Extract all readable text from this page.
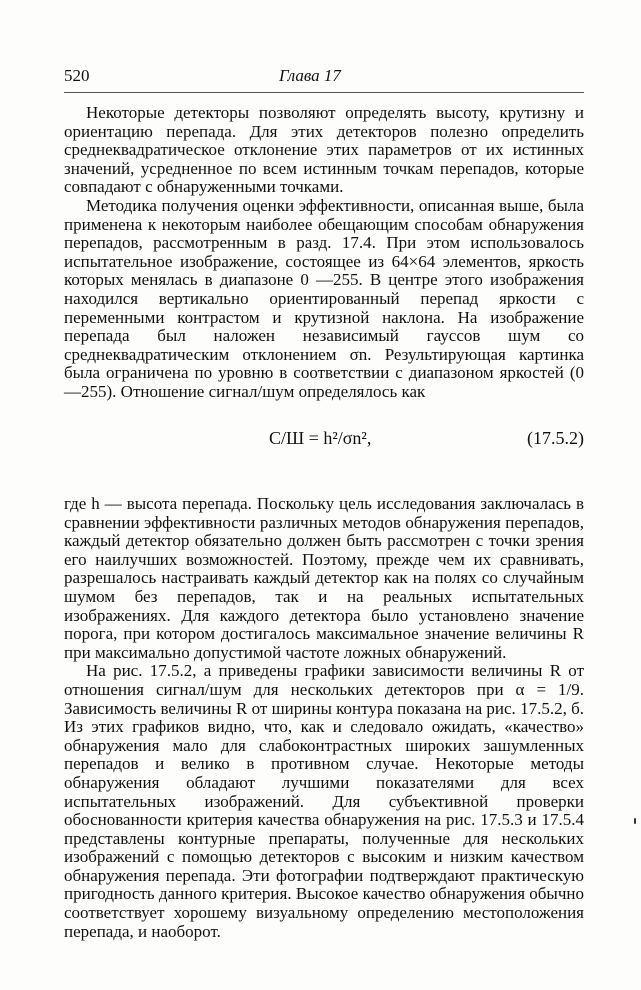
520	Глава 17

Некоторые детекторы позволяют определять высоту, крутизну и ориентацию перепада. Для этих детекторов полезно определить среднеквадратическое отклонение этих параметров от их истинных значений, усредненное по всем истинным точкам перепадов, которые совпадают с обнаруженными точками.

Методика получения оценки эффективности, описанная выше, была применена к некоторым наиболее обещающим способам обнаружения перепадов, рассмотренным в разд. 17.4. При этом использовалось испытательное изображение, состоящее из 64×64 элементов, яркость которых менялась в диапазоне 0 —255. В центре этого изображения находился вертикально ориентированный перепад яркости с переменными контрастом и крутизной наклона. На изображение перепада был наложен независимый гауссов шум со среднеквадратическим отклонением σn. Результирующая картинка была ограничена по уровню в соответствии с диапазоном яркостей (0 —255). Отношение сигнал/шум определялось как

С/Ш = h²/σn²,	(17.5.2)

где h — высота перепада. Поскольку цель исследования заключалась в сравнении эффективности различных методов обнаружения перепадов, каждый детектор обязательно должен быть рассмотрен с точки зрения его наилучших возможностей. Поэтому, прежде чем их сравнивать, разрешалось настраивать каждый детектор как на полях со случайным шумом без перепадов, так и на реальных испытательных изображениях. Для каждого детектора было установлено значение порога, при котором достигалось максимальное значение величины R при максимально допустимой частоте ложных обнаружений.

На рис. 17.5.2, а приведены графики зависимости величины R от отношения сигнал/шум для нескольких детекторов при α = 1/9. Зависимость величины R от ширины контура показана на рис. 17.5.2, б. Из этих графиков видно, что, как и следовало ожидать, «качество» обнаружения мало для слабоконтрастных широких зашумленных перепадов и велико в противном случае. Некоторые методы обнаружения обладают лучшими показателями для всех испытательных изображений. Для субъективной проверки обоснованности критерия качества обнаружения на рис. 17.5.3 и 17.5.4 представлены контурные препараты, полученные для нескольких изображений с помощью детекторов с высоким и низким качеством обнаружения перепада. Эти фотографии подтверждают практическую пригодность данного критерия. Высокое качество обнаружения обычно соответствует хорошему визуальному определению местоположения перепада, и наоборот.
